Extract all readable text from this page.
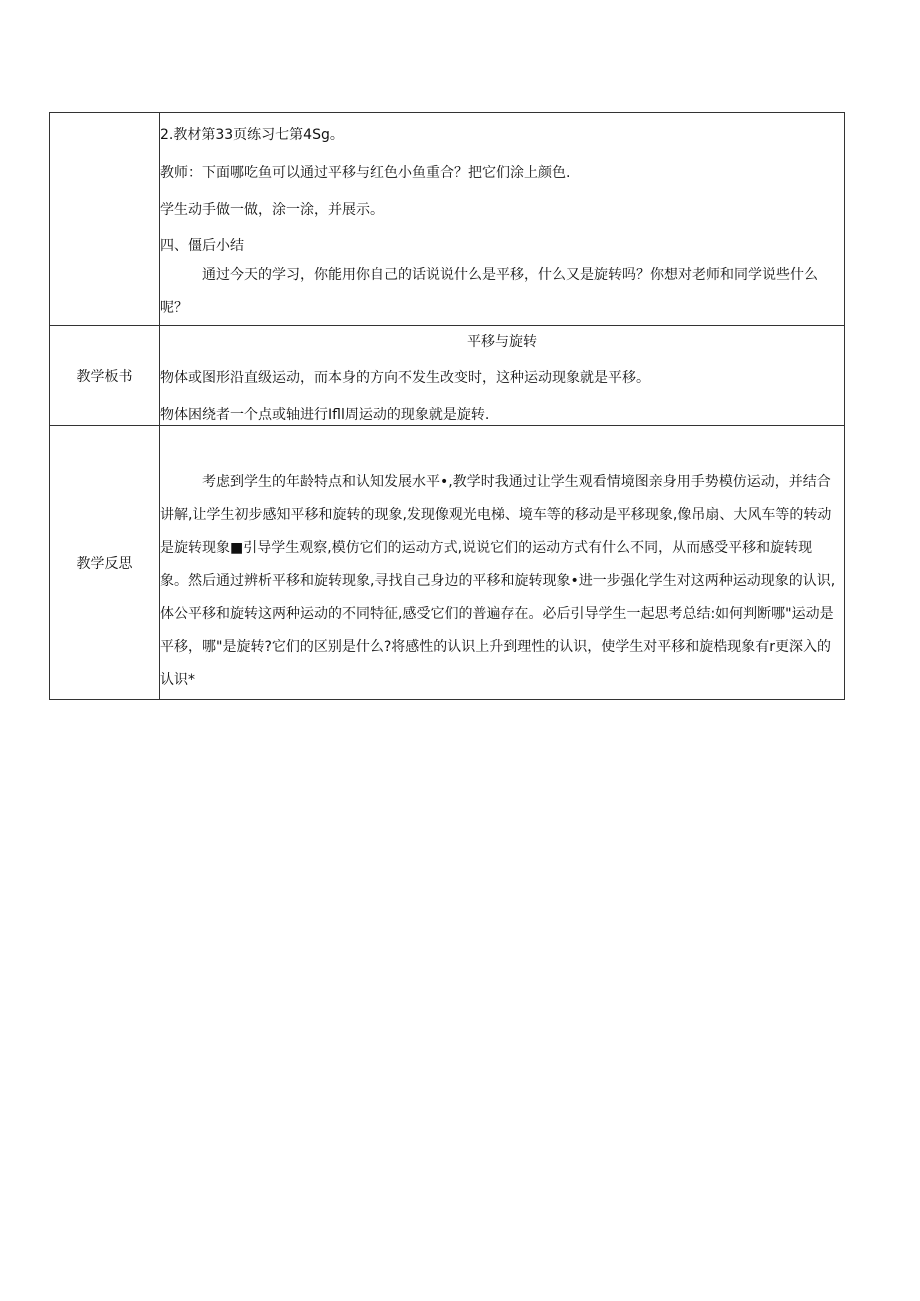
	2.教材第33页练习七第4Sg。

教师：下面哪吃鱼可以通过平移与红色小鱼重合？把它们涂上颜色.

学生动手做一做，涂一涂，并展示。

四、僵后小结

通过今天的学习，你能用你自己的话说说什么是平移，什么又是旋转吗？你想对老师和同学说些什么呢？

教学板书	平移与旋转

物体或图形沿直级运动，而本身的方向不发生改变时，这种运动现象就是平移。

物体困绕者一个点或轴进行Ifll周运动的现象就是旋转.

教学反思	考虑到学生的年龄特点和认知发展水平•,教学时我通过让学生观看情境图亲身用手势模仿运动，并结合讲解,让学生初步感知平移和旋转的现象,发现像观光电梯、境车等的移动是平移现象,像吊扇、大风车等的转动是旋转现象■引导学生观察,模仿它们的运动方式,说说它们的运动方式有什么不同，从而感受平移和旋转现象。然后通过辨析平移和旋转现象,寻找自己身边的平移和旋转现象•进一步强化学生对这两种运动现象的认识,体公平移和旋转这两种运动的不同特征,感受它们的普遍存在。必后引导学生一起思考总结:如何判断哪"运动是平移，哪"是旋转?它们的区别是什么?将感性的认识上升到理性的认识，使学生对平移和旋梏现象有r更深入的认识*
